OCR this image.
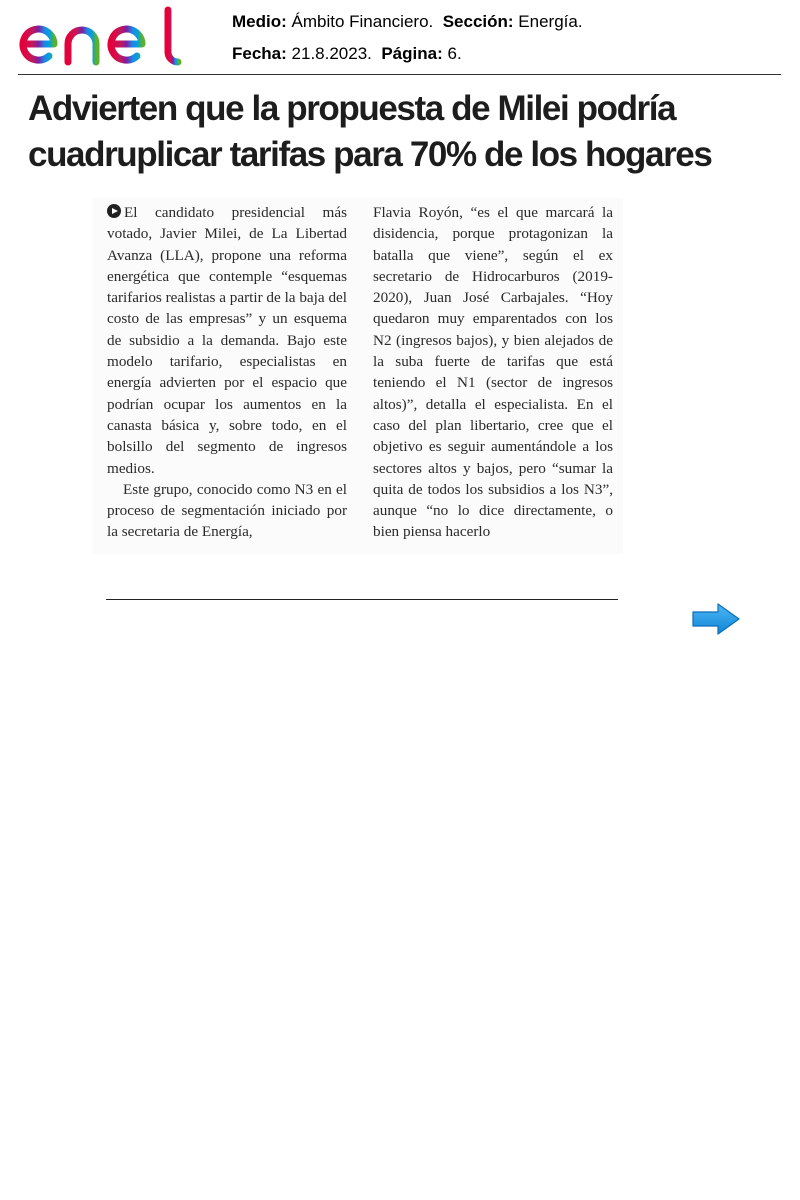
Medio: Ámbito Financiero. Sección: Energía.
Fecha: 21.8.2023. Página: 6.
Advierten que la propuesta de Milei podría
cuadruplicar tarifas para 70% de los hogares

El candidato presidencial más votado, Javier Milei, de La Libertad Avanza (LLA), propone una reforma energética que contemple “esquemas tarifarios realistas a partir de la baja del costo de las empresas” y un esquema de subsidio a la demanda. Bajo este modelo tarifario, especialistas en energía advierten por el espacio que podrían ocupar los aumentos en la canasta básica y, sobre todo, en el bolsillo del segmento de ingresos medios.

Este grupo, conocido como N3 en el proceso de segmentación iniciado por la secretaria de Energía,

Flavia Royón, “es el que marcará la disidencia, porque protagonizan la batalla que viene”, según el ex secretario de Hidrocarburos (2019-2020), Juan José Carbajales. “Hoy quedaron muy emparentados con los N2 (ingresos bajos), y bien alejados de la suba fuerte de tarifas que está teniendo el N1 (sector de ingresos altos)”, detalla el especialista. En el caso del plan libertario, cree que el objetivo es seguir aumentándole a los sectores altos y bajos, pero “sumar la quita de todos los subsidios a los N3”, aunque “no lo dice directamente, o bien piensa hacerlo
